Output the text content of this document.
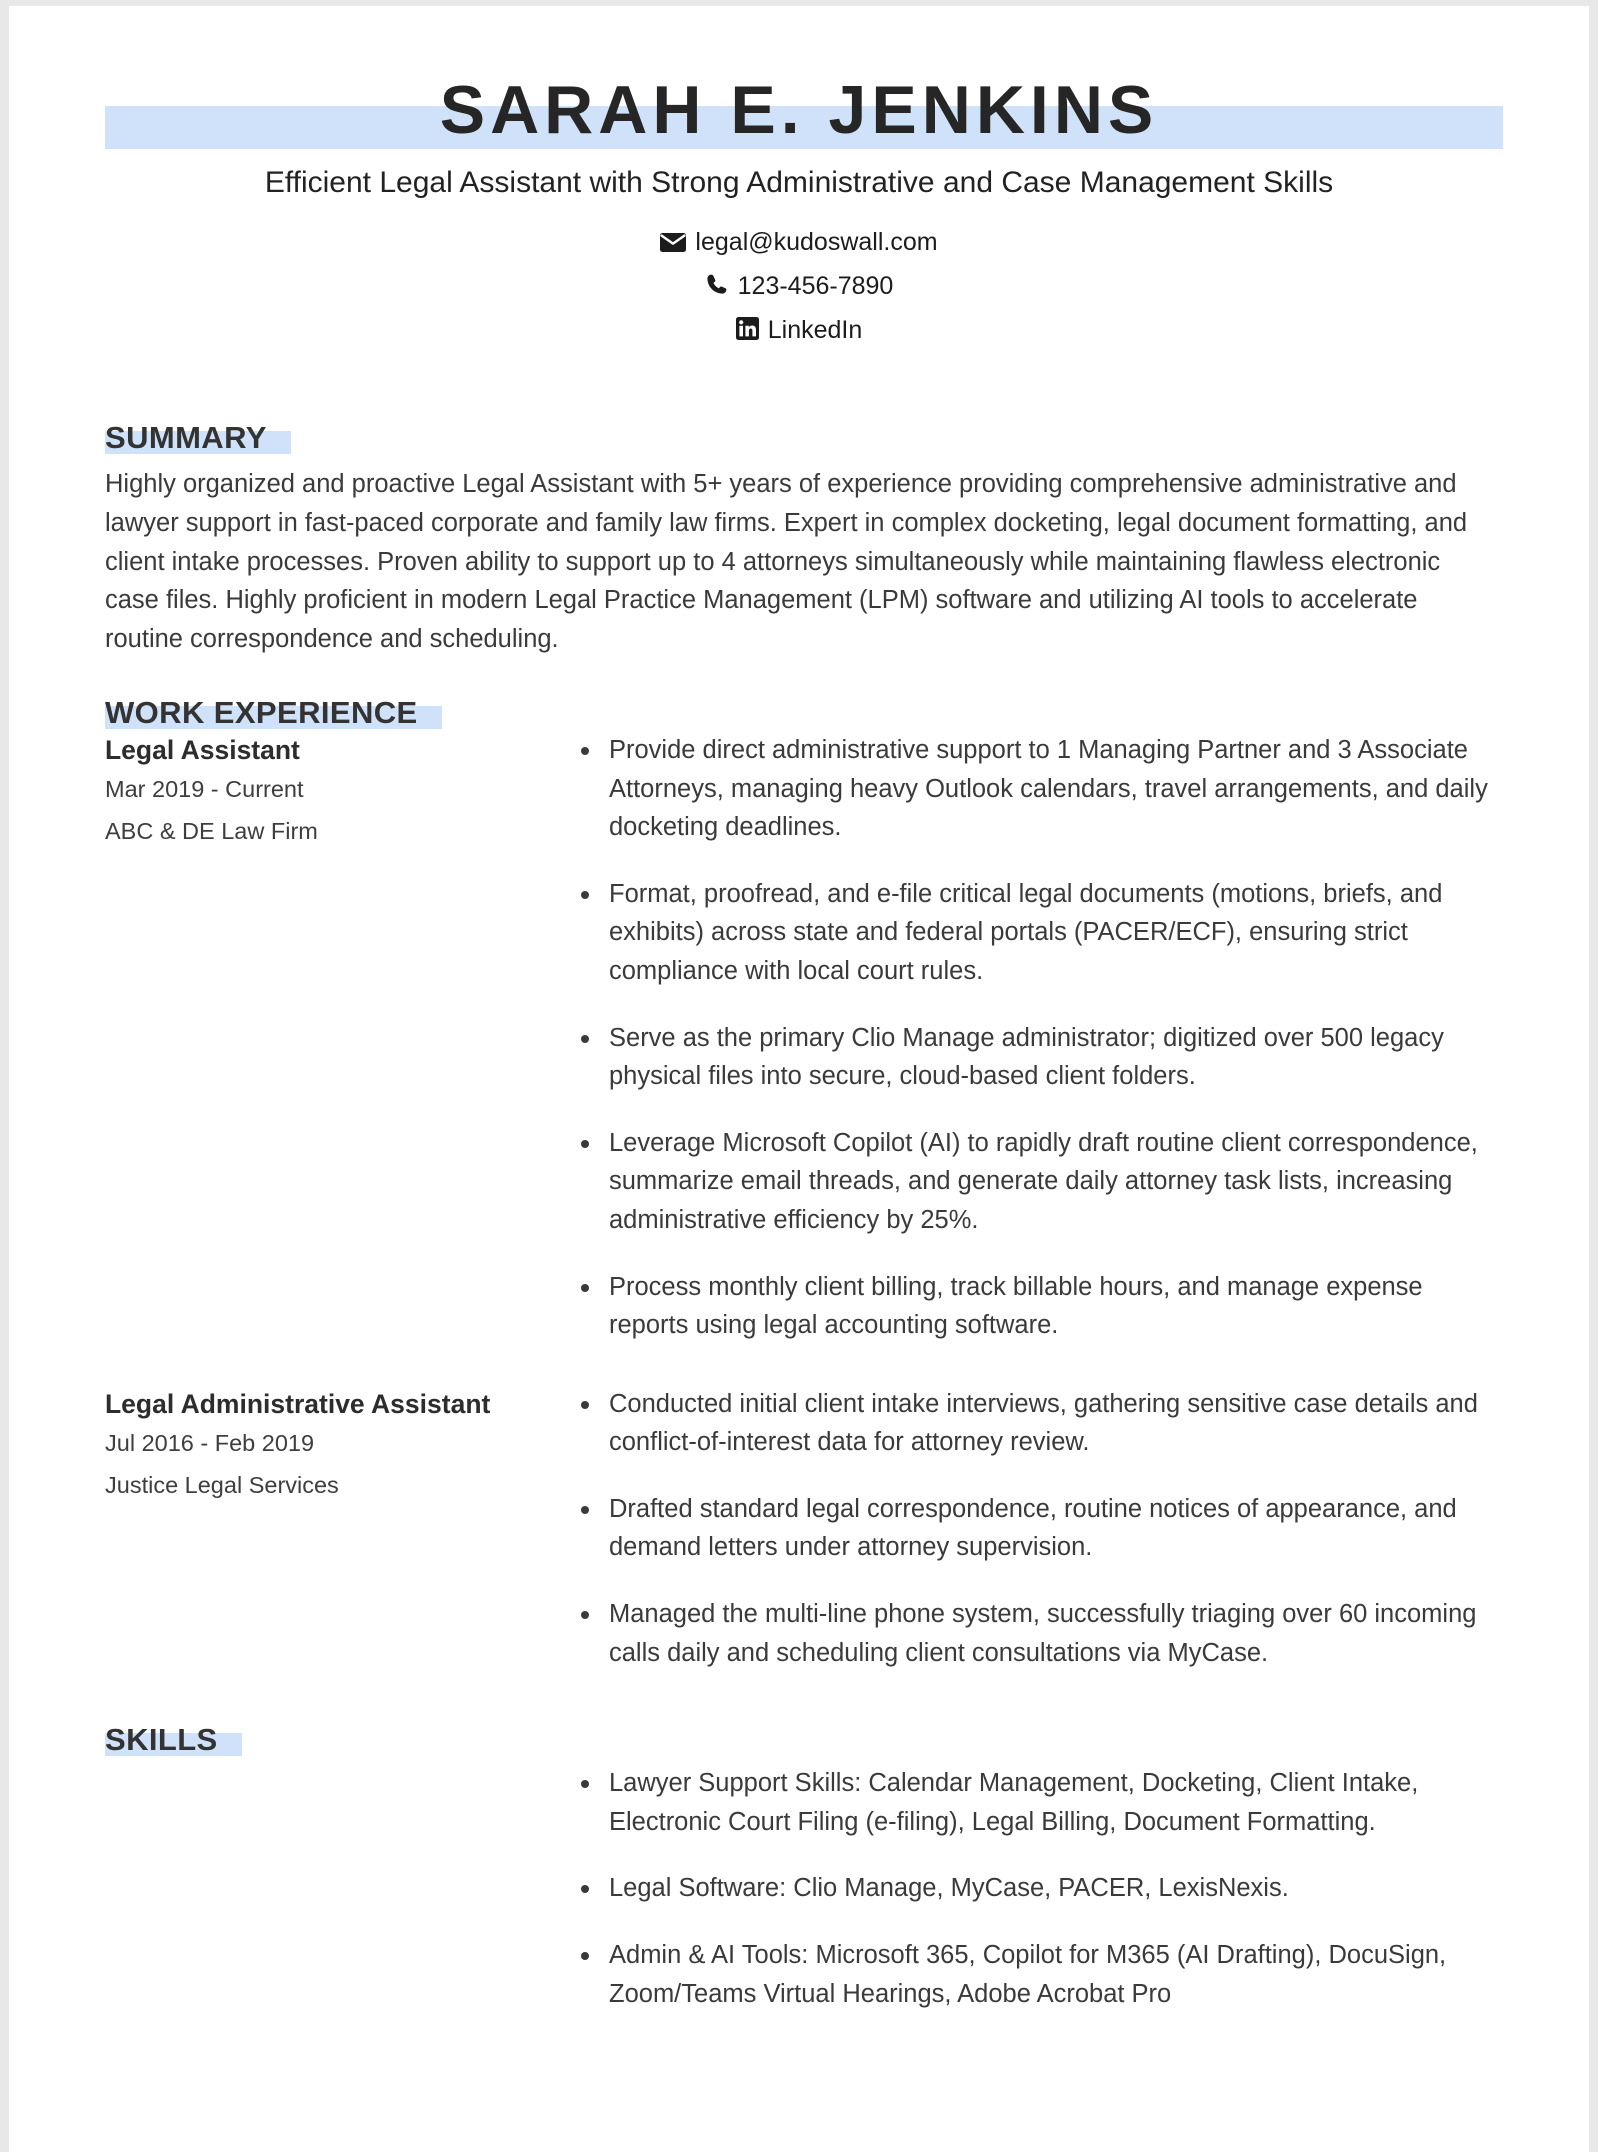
SARAH E. JENKINS
Efficient Legal Assistant with Strong Administrative and Case Management Skills
legal@kudoswall.com
123-456-7890
LinkedIn
SUMMARY
Highly organized and proactive Legal Assistant with 5+ years of experience providing comprehensive administrative and lawyer support in fast-paced corporate and family law firms. Expert in complex docketing, legal document formatting, and client intake processes. Proven ability to support up to 4 attorneys simultaneously while maintaining flawless electronic case files. Highly proficient in modern Legal Practice Management (LPM) software and utilizing AI tools to accelerate routine correspondence and scheduling.
WORK EXPERIENCE
Legal Assistant
Mar 2019 - Current
ABC & DE Law Firm
Provide direct administrative support to 1 Managing Partner and 3 Associate Attorneys, managing heavy Outlook calendars, travel arrangements, and daily docketing deadlines.
Format, proofread, and e-file critical legal documents (motions, briefs, and exhibits) across state and federal portals (PACER/ECF), ensuring strict compliance with local court rules.
Serve as the primary Clio Manage administrator; digitized over 500 legacy physical files into secure, cloud-based client folders.
Leverage Microsoft Copilot (AI) to rapidly draft routine client correspondence, summarize email threads, and generate daily attorney task lists, increasing administrative efficiency by 25%.
Process monthly client billing, track billable hours, and manage expense reports using legal accounting software.
Legal Administrative Assistant
Jul 2016 - Feb 2019
Justice Legal Services
Conducted initial client intake interviews, gathering sensitive case details and conflict-of-interest data for attorney review.
Drafted standard legal correspondence, routine notices of appearance, and demand letters under attorney supervision.
Managed the multi-line phone system, successfully triaging over 60 incoming calls daily and scheduling client consultations via MyCase.
SKILLS
Lawyer Support Skills: Calendar Management, Docketing, Client Intake, Electronic Court Filing (e-filing), Legal Billing, Document Formatting.
Legal Software: Clio Manage, MyCase, PACER, LexisNexis.
Admin & AI Tools: Microsoft 365, Copilot for M365 (AI Drafting), DocuSign, Zoom/Teams Virtual Hearings, Adobe Acrobat Pro
